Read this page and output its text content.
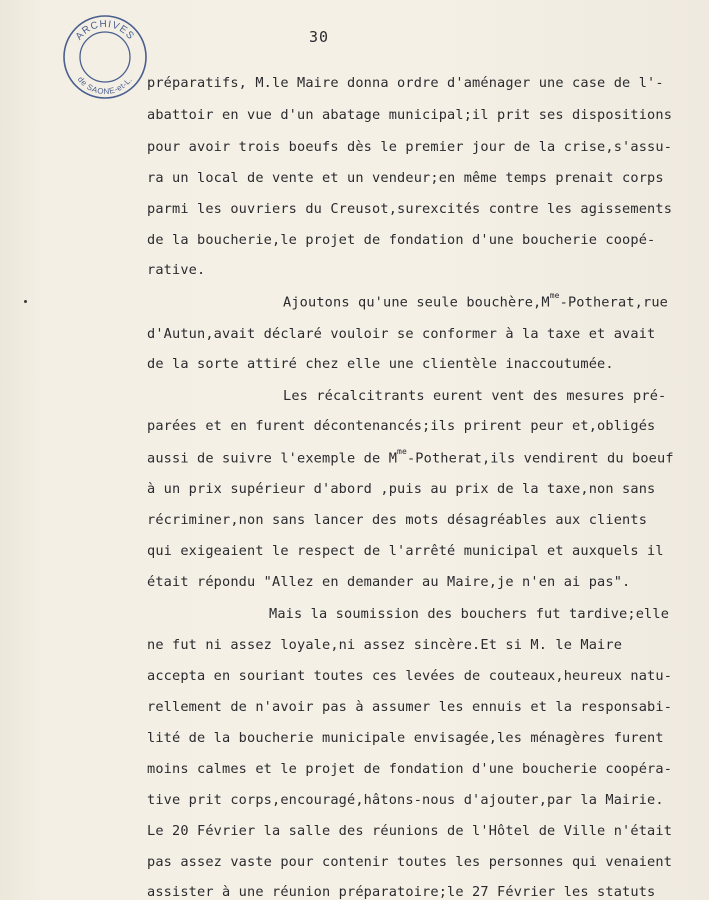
ARCHIVES
de SAONE-et-L.
30
préparatifs, M.le Maire donna ordre d'aménager une case de l'-
abattoir en vue d'un abatage municipal;il prit ses dispositions
pour avoir trois boeufs dès le premier jour de la crise,s'assu-
ra un local de vente et un vendeur;en même temps prenait corps
parmi les ouvriers du Creusot,surexcités contre les agissements
de la boucherie,le projet de fondation d'une boucherie coopé-
rative.
Ajoutons qu'une seule $bouchère,M^{me}-Potherat,rue$
d'Autun,avait déclaré vouloir se conformer à la taxe et avait
de la sorte attiré chez elle une clientèle inaccoutumée.
Les récalcitrants eurent vent des mesures pré-
parées et en furent décontenancés;ils prirent peur et,obligés
aussi de suivre l'exemple de $M^{me}-Potherat,ils$ vendirent du boeuf
à un prix supérieur d'abord ,puis au prix de la taxe,non sans
récriminer,non sans lancer des mots désagréables aux clients
qui exigeaient le respect de l'arrêté municipal et auxquels il
était répondu "Allez en demander au Maire,je n'en ai pas".
Mais la soumission des bouchers fut tardive;elle
ne fut ni assez loyale,ni assez sincère.Et si M. le Maire
accepta en souriant toutes ces levées de couteaux,heureux natu-
rellement de n'avoir pas à assumer les ennuis et la responsabi-
lité de la boucherie municipale envisagée,les ménagères furent
moins calmes et le projet de fondation d'une boucherie coopéra-
tive prit corps,encouragé,hâtons-nous d'ajouter,par la Mairie.
Le 20 Février la salle des réunions de l'Hôtel de Ville n'était
pas assez vaste pour contenir toutes les personnes qui venaient
assister à une réunion préparatoire;le 27 Février les statuts
